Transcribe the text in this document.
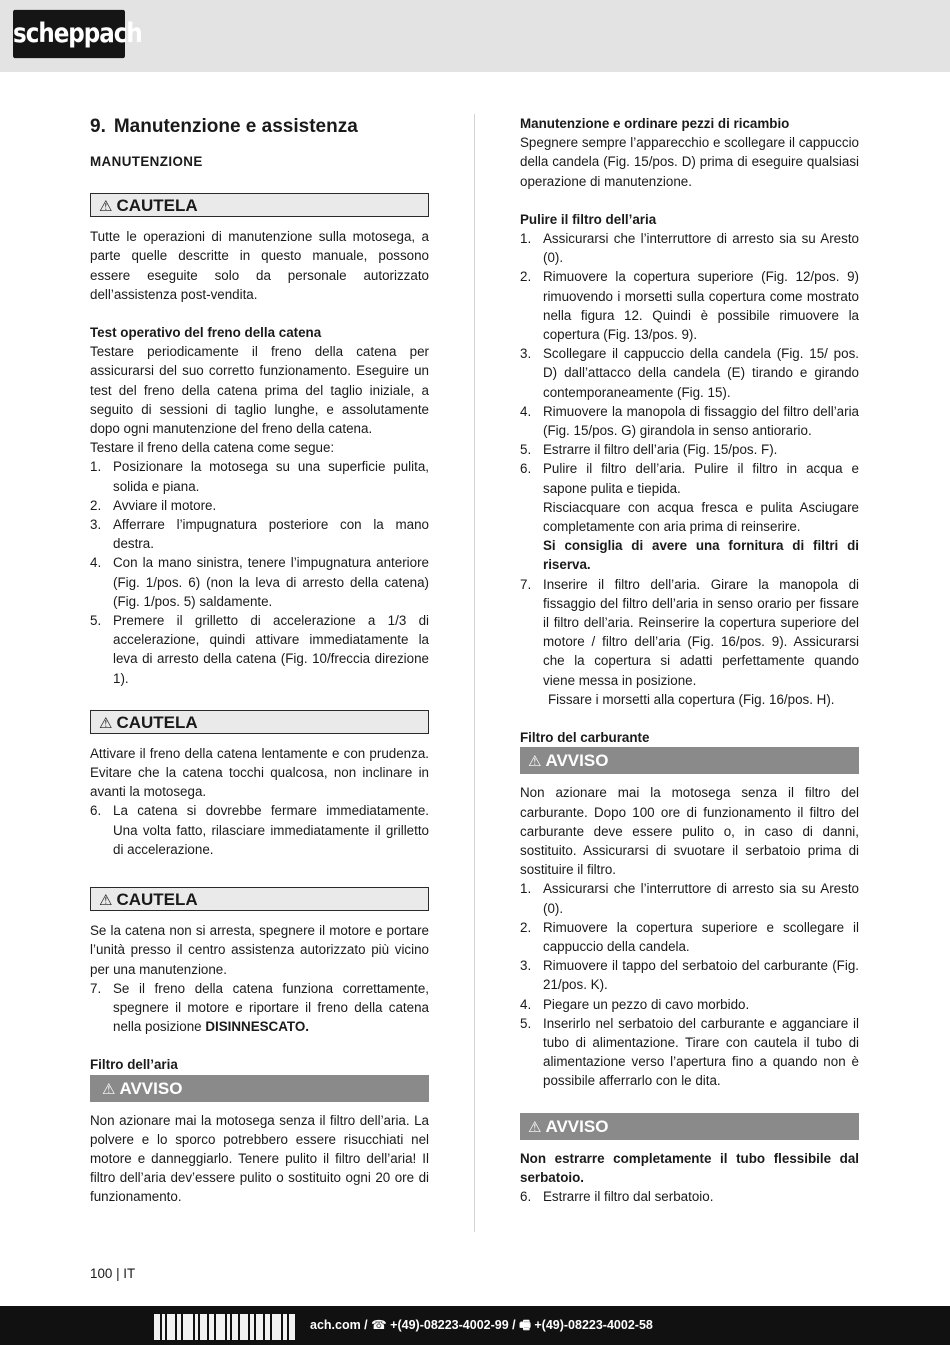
scheppach
9. Manutenzione e assistenza
MANUTENZIONE
⚠ CAUTELA

Tutte le operazioni di manutenzione sulla motosega, a parte quelle descritte in questo manuale, possono essere eseguite solo da personale autorizzato dell’assistenza post-vendita.

Test operativo del freno della catena

Testare periodicamente il freno della catena per assicurarsi del suo corretto funzionamento. Eseguire un test del freno della catena prima del taglio iniziale, a seguito di sessioni di taglio lunghe, e assolutamente dopo ogni manutenzione del freno della catena.

Testare il freno della catena come segue:

1. Posizionare la motosega su una superficie pulita, solida e piana.
2. Avviare il motore.
3. Afferrare l’impugnatura posteriore con la mano destra.
4. Con la mano sinistra, tenere l’impugnatura anteriore (Fig. 1/pos. 6) (non la leva di arresto della catena) (Fig. 1/pos. 5) saldamente.
5. Premere il grilletto di accelerazione a 1/3 di accelerazione, quindi attivare immediatamente la leva di arresto della catena (Fig. 10/freccia direzione 1).
⚠ CAUTELA

Attivare il freno della catena lentamente e con prudenza. Evitare che la catena tocchi qualcosa, non inclinare in avanti la motosega.

6. La catena si dovrebbe fermare immediatamente. Una volta fatto, rilasciare immediatamente il grilletto di accelerazione.
⚠ CAUTELA

Se la catena non si arresta, spegnere il motore e portare l’unità presso il centro assistenza autorizzato più vicino per una manutenzione.

7. Se il freno della catena funziona correttamente, spegnere il motore e riportare il freno della catena nella posizione DISINNESCATO.

Filtro dell’aria

⚠ AVVISO

Non azionare mai la motosega senza il filtro dell’aria. La polvere e lo sporco potrebbero essere risucchiati nel motore e danneggiarlo. Tenere pulito il filtro dell’aria! Il filtro dell’aria dev’essere pulito o sostituito ogni 20 ore di funzionamento.

Manutenzione e ordinare pezzi di ricambio

Spegnere sempre l’apparecchio e scollegare il cappuccio della candela (Fig. 15/pos. D) prima di eseguire qualsiasi operazione di manutenzione.

Pulire il filtro dell’aria

1. Assicurarsi che l’interruttore di arresto sia su Aresto (0).
2. Rimuovere la copertura superiore (Fig. 12/pos. 9) rimuovendo i morsetti sulla copertura come mostrato nella figura 12. Quindi è possibile rimuovere la copertura (Fig. 13/pos. 9).
3. Scollegare il cappuccio della candela (Fig. 15/ pos. D) dall’attacco della candela (E) tirando e girando contemporaneamente (Fig. 15).
4. Rimuovere la manopola di fissaggio del filtro dell’aria (Fig. 15/pos. G) girandola in senso antiorario.
5. Estrarre il filtro dell’aria (Fig. 15/pos. F).
6. Pulire il filtro dell’aria. Pulire il filtro in acqua e sapone pulita e tiepida.

Risciacquare con acqua fresca e pulita Asciugare completamente con aria prima di reinserire.

Si consiglia di avere una fornitura di filtri di riserva.

7. Inserire il filtro dell’aria. Girare la manopola di fissaggio del filtro dell’aria in senso orario per fissare il filtro dell’aria. Reinserire la copertura superiore del motore / filtro dell’aria (Fig. 16/pos. 9). Assicurarsi che la copertura si adatti perfettamente quando viene messa in posizione.

Fissare i morsetti alla copertura (Fig. 16/pos. H).

Filtro del carburante

⚠ AVVISO

Non azionare mai la motosega senza il filtro del carburante. Dopo 100 ore di funzionamento il filtro del carburante deve essere pulito o, in caso di danni, sostituito. Assicurarsi di svuotare il serbatoio prima di sostituire il filtro.

1. Assicurarsi che l’interruttore di arresto sia su Aresto (0).
2. Rimuovere la copertura superiore e scollegare il cappuccio della candela.
3. Rimuovere il tappo del serbatoio del carburante (Fig. 21/pos. K).
4. Piegare un pezzo di cavo morbido.
5. Inserirlo nel serbatoio del carburante e agganciare il tubo di alimentazione. Tirare con cautela il tubo di alimentazione verso l’apertura fino a quando non è possibile afferrarlo con le dita.
⚠ AVVISO

Non estrarre completamente il tubo flessibile dal serbatoio.

6. Estrarre il filtro dal serbatoio.
100 | IT
ach.com / ☎ +(49)-08223-4002-99 / 🖷 +(49)-08223-4002-58
